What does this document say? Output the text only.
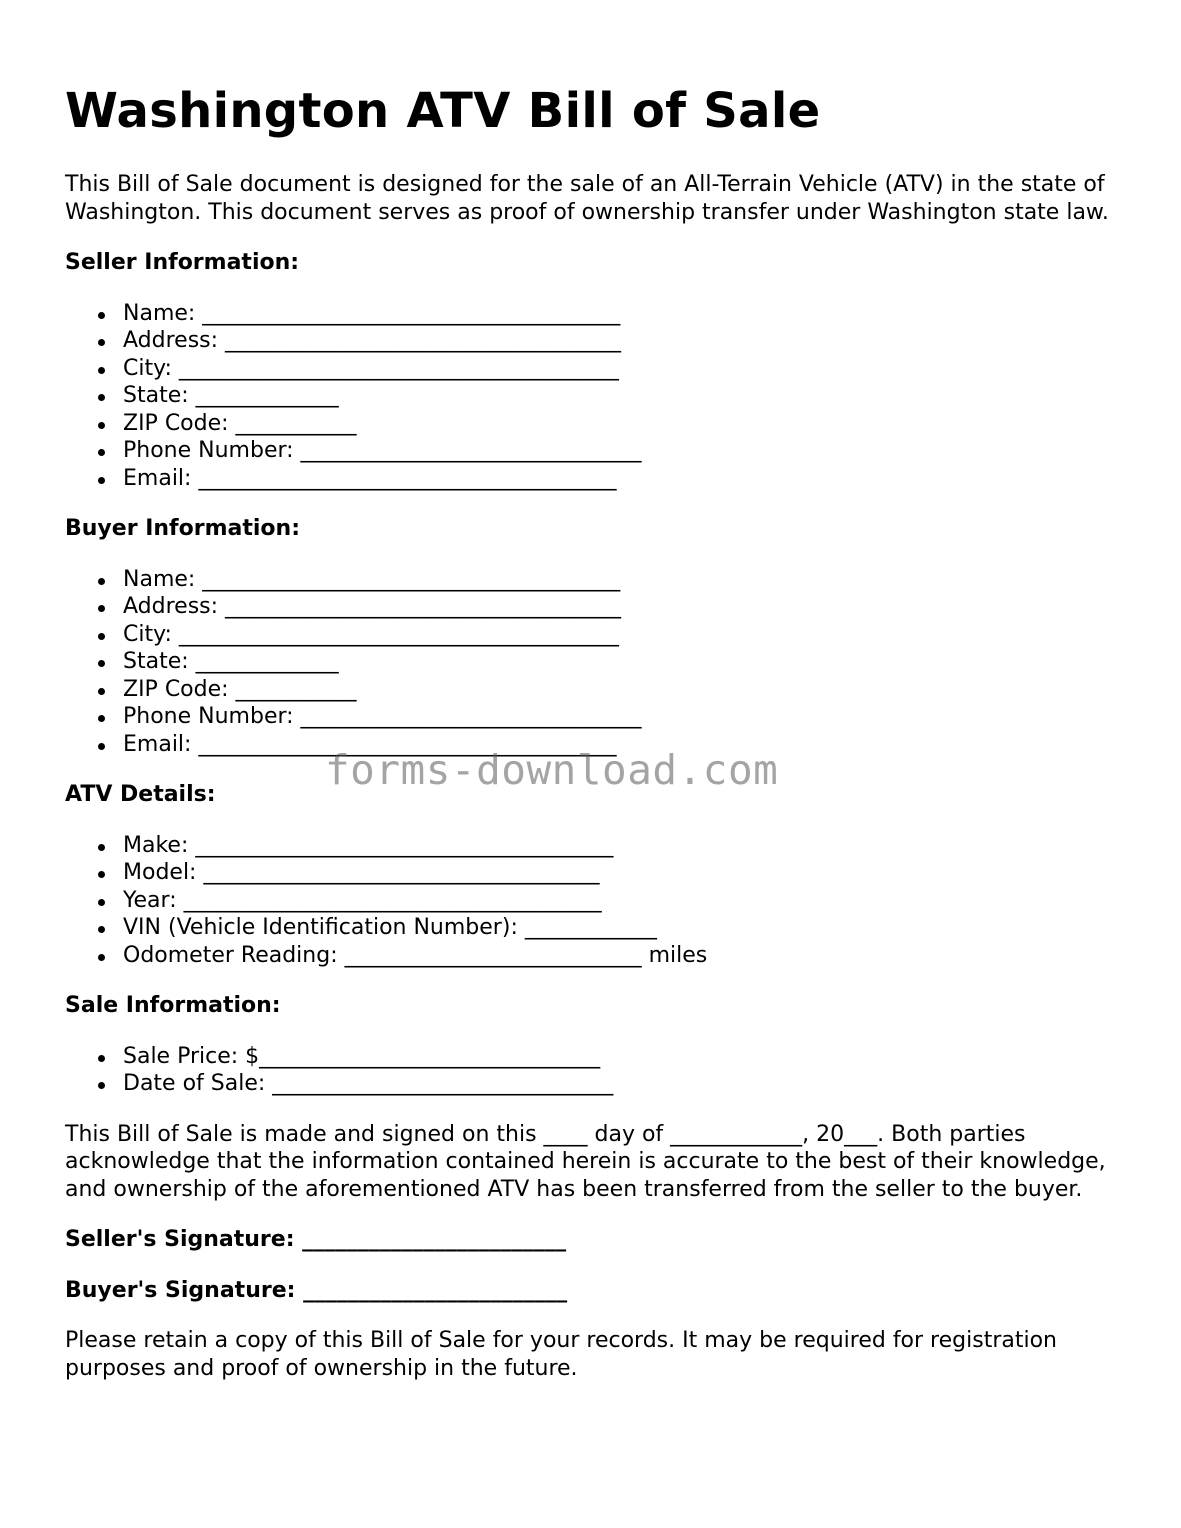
Washington ATV Bill of Sale

This Bill of Sale document is designed for the sale of an All-Terrain Vehicle (ATV) in the state of Washington. This document serves as proof of ownership transfer under Washington state law.

Seller Information:
Name: ______________________________________
Address: ____________________________________
City: ________________________________________
State: _____________
ZIP Code: ___________
Phone Number: _______________________________
Email: ______________________________________
Buyer Information:
Name: ______________________________________
Address: ____________________________________
City: ________________________________________
State: _____________
ZIP Code: ___________
Phone Number: _______________________________
Email: ______________________________________
ATV Details:
Make: ______________________________________
Model: ____________________________________
Year: ______________________________________
VIN (Vehicle Identification Number): ____________
Odometer Reading: ___________________________ miles
Sale Information:
Sale Price: $_______________________________
Date of Sale: _______________________________

This Bill of Sale is made and signed on this ____ day of ____________, 20___. Both parties acknowledge that the information contained herein is accurate to the best of their knowledge, and ownership of the aforementioned ATV has been transferred from the seller to the buyer.

Seller's Signature: ________________________
Buyer's Signature: ________________________

Please retain a copy of this Bill of Sale for your records. It may be required for registration purposes and proof of ownership in the future.

forms-download.com
